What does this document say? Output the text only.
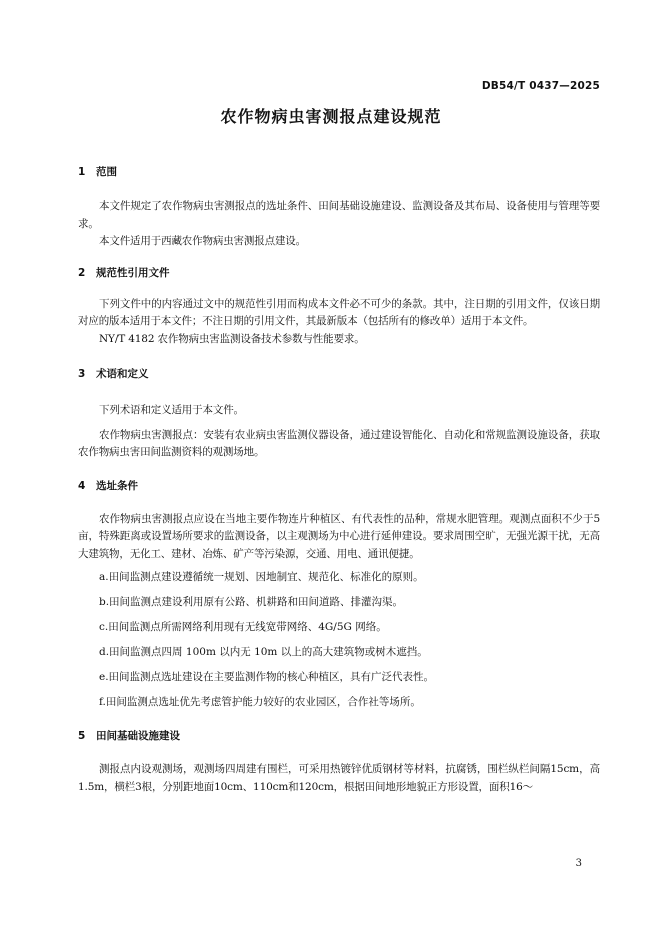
DB54/T 0437—2025
农作物病虫害测报点建设规范
1 范围

本文件规定了农作物病虫害测报点的选址条件、田间基础设施建设、监测设备及其布局、设备使用与管理等要求。

本文件适用于西藏农作物病虫害测报点建设。

2 规范性引用文件

下列文件中的内容通过文中的规范性引用而构成本文件必不可少的条款。其中，注日期的引用文件，仅该日期对应的版本适用于本文件；不注日期的引用文件，其最新版本（包括所有的修改单）适用于本文件。

NY/T 4182 农作物病虫害监测设备技术参数与性能要求。

3 术语和定义

下列术语和定义适用于本文件。

农作物病虫害测报点：安装有农业病虫害监测仪器设备，通过建设智能化、自动化和常规监测设施设备，获取农作物病虫害田间监测资料的观测场地。

4 选址条件

农作物病虫害测报点应设在当地主要作物连片种植区、有代表性的品种，常规水肥管理。观测点面积不少于5亩，特殊距离或设置场所要求的监测设备，以主观测场为中心进行延伸建设。要求周围空旷，无强光源干扰，无高大建筑物，无化工、建材、冶炼、矿产等污染源，交通、用电、通讯便捷。

a.田间监测点建设遵循统一规划、因地制宜、规范化、标准化的原则。

b.田间监测点建设利用原有公路、机耕路和田间道路、排灌沟渠。

c.田间监测点所需网络利用现有无线宽带网络、4G/5G 网络。

d.田间监测点四周 100m 以内无 10m 以上的高大建筑物或树木遮挡。

e.田间监测点选址建设在主要监测作物的核心种植区，具有广泛代表性。

f.田间监测点选址优先考虑管护能力较好的农业园区，合作社等场所。

5 田间基础设施建设

测报点内设观测场，观测场四周建有围栏，可采用热镀锌优质钢材等材料，抗腐锈，围栏纵栏间隔15cm，高1.5m，横栏3根，分别距地面10cm、110cm和120cm，根据田间地形地貌正方形设置，面积16～

3
